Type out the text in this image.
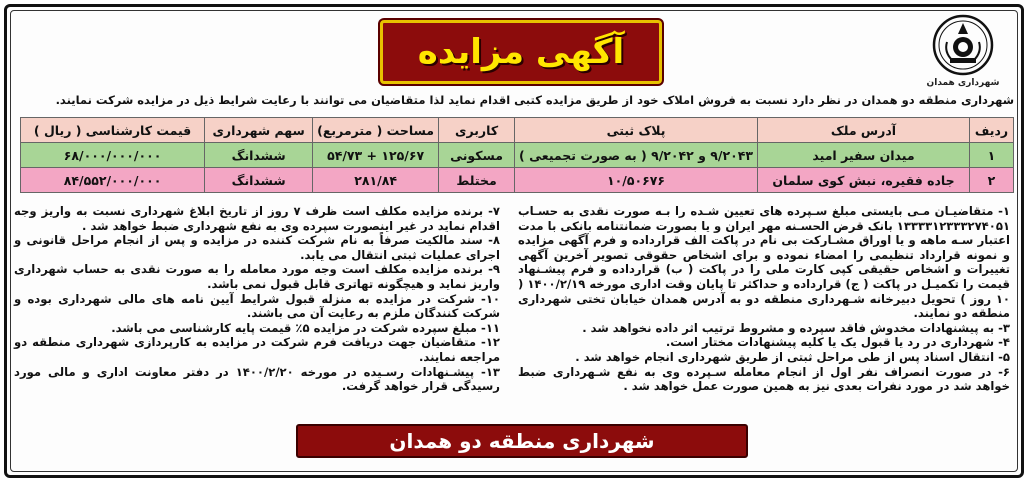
آگهی مزایده
شهرداری همدان
شهرداری منطقه دو همدان در نظر دارد نسبت به فروش املاک خود از طریق مزایده کتبی اقدام نماید لذا متقاضیان می توانند با رعایت شرایط ذیل در مزایده شرکت نمایند.
ردیف	آدرس ملک	پلاک ثبتی	کاربری	مساحت ( مترمربع)	سهم شهرداری	قیمت کارشناسی ( ریال )
۱	میدان سفیر امید	۹/۲۰۴۳ و ۹/۲۰۴۲ ( به صورت تجمیعی )	مسکونی	۱۲۵/۶۷ + ۵۴/۷۳	ششدانگ	۶۸/۰۰۰/۰۰۰/۰۰۰
۲	جاده فقیره، نبش کوی سلمان	۱۰/۵۰۶۷۶	مختلط	۲۸۱/۸۴	ششدانگ	۸۴/۵۵۲/۰۰۰/۰۰۰

۱- متقاضیـان مـی بایستی مبلغ سـپرده های تعیین شـده را بـه صورت نقدی به حسـاب ۱۳۳۳۳۱۲۳۳۳۲۷۴۰۵۱ بانک قرض الحسـنه مهر ایران و یا بصورت ضمانتنامه بانکی با مدت اعتبار سـه ماهه و یا اوراق مشـارکت بی نام در پاکت الف قرارداده و فرم آگهی مزایده و نمونه قرارداد تنظیمی را امضاء نموده و برای اشخاص حقوقی تصویر آخرین آگهی تغییرات و اشخاص حقیقی کپی کارت ملی را در پاکت ( ب) قرارداده و فرم پیشـنهاد قیمت را تکمیـل در پاکت ( ج) قرارداده و حداکثر تا پایان وقت اداری مورخه ۱۴۰۰/۲/۱۹ ( ۱۰ روز ) تحویل دبیرخانه شـهرداری منطقه دو به آدرس همدان خیابان تختی شهرداری منطقه دو نمایند.

۳- به پیشنهادات مخدوش فاقد سپرده و مشروط ترتیب اثر داده نخواهد شد .

۴- شهرداری در رد یا قبول یک یا کلیه پیشنهادات مختار است.

۵- انتقال اسناد پس از طی مراحل ثبتی از طریق شهرداری انجام خواهد شد .

۶- در صورت انصراف نفر اول از انجام معامله سـپرده وی به نفع شـهرداری ضبط خواهد شد در مورد نفرات بعدی نیز به همین صورت عمل خواهد شد .

۷- برنده مزایده مکلف است ظرف ۷ روز از تاریخ ابلاغ شهرداری نسبت به واریز وجه اقدام نماید در غیر اینصورت سپرده وی به نفع شهرداری ضبط خواهد شد .

۸- سند مالکیت صرفاً به نام شرکت کننده در مزایده و پس از انجام مراحل قانونی و اجرای عملیات ثبتی انتقال می یابد.

۹- برنده مزایده مکلف است وجه مورد معامله را به صورت نقدی به حساب شهرداری واریز نماید و هیچگونه تهاتری قابل قبول نمی باشد.

۱۰- شرکت در مزایده به منزله قبول شرایط آیین نامه های مالی شهرداری بوده و شرکت کنندگان ملزم به رعایت آن می باشند.

۱۱- مبلغ سپرده شرکت در مزایده ۵٪ قیمت پایه کارشناسی می باشد.

۱۲- متقاضیان جهت دریافت فرم شرکت در مزایده به کارپردازی شهرداری منطقه دو مراجعه نمایند.

۱۳- پیشـنهادات رسـیده در مورخه ۱۴۰۰/۲/۲۰ در دفتر معاونت اداری و مالی مورد رسیدگی قرار خواهد گرفت.

شهرداری منطقه دو همدان
